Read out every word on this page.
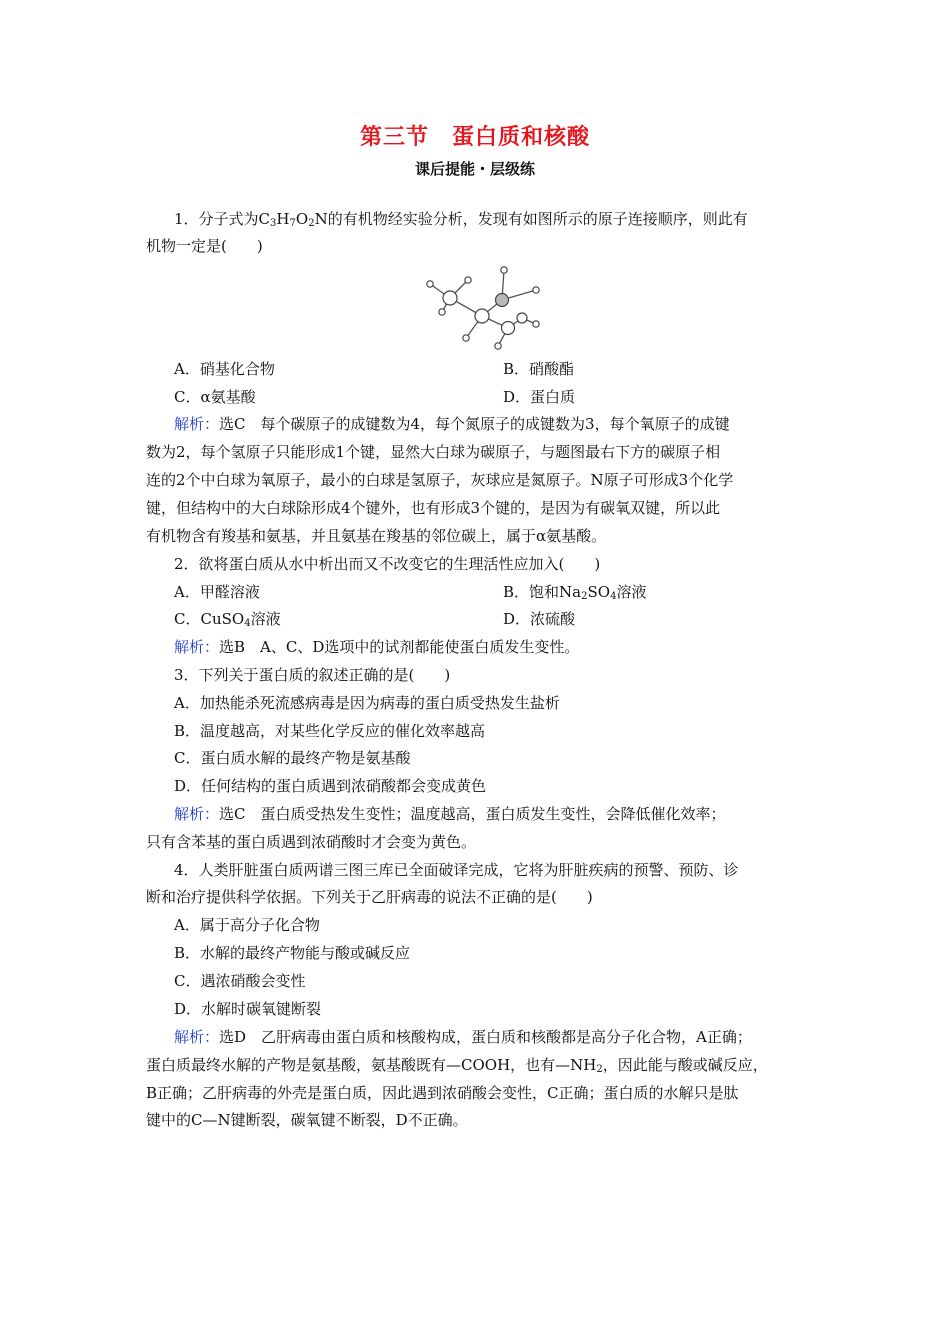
第三节　蛋白质和核酸
课后提能・层级练
1．分子式为$C_3H_7O_2N$的有机物经实验分析，发现有如图所示的原子连接顺序，则此有
机物一定是(　　)
A．硝基化合物	B．硝酸酯
C．α氨基酸	D．蛋白质
解析：选C　每个碳原子的成键数为4，每个氮原子的成键数为3，每个氧原子的成键
数为2，每个氢原子只能形成1个键，显然大白球为碳原子，与题图最右下方的碳原子相
连的2个中白球为氧原子，最小的白球是氢原子，灰球应是氮原子。N原子可形成3个化学
键，但结构中的大白球除形成4个键外，也有形成3个键的，是因为有碳氧双键，所以此
有机物含有羧基和氨基，并且氨基在羧基的邻位碳上，属于α氨基酸。
2．欲将蛋白质从水中析出而又不改变它的生理活性应加入(　　)
A．甲醛溶液	B．饱和$Na_2SO_4$溶液
C．CuSO$_4$溶液	D．浓硫酸
解析：选B　A、C、D选项中的试剂都能使蛋白质发生变性。
3．下列关于蛋白质的叙述正确的是(　　)
A．加热能杀死流感病毒是因为病毒的蛋白质受热发生盐析
B．温度越高，对某些化学反应的催化效率越高
C．蛋白质水解的最终产物是氨基酸
D．任何结构的蛋白质遇到浓硝酸都会变成黄色
解析：选C　蛋白质受热发生变性；温度越高，蛋白质发生变性，会降低催化效率；
只有含苯基的蛋白质遇到浓硝酸时才会变为黄色。
4．人类肝脏蛋白质两谱三图三库已全面破译完成，它将为肝脏疾病的预警、预防、诊
断和治疗提供科学依据。下列关于乙肝病毒的说法不正确的是(　　)
A．属于高分子化合物
B．水解的最终产物能与酸或碱反应
C．遇浓硝酸会变性
D．水解时碳氧键断裂
解析：选D　乙肝病毒由蛋白质和核酸构成，蛋白质和核酸都是高分子化合物，A正确；
蛋白质最终水解的产物是氨基酸，氨基酸既有—COOH，也有$—NH_2$，因此能与酸或碱反应，
B正确；乙肝病毒的外壳是蛋白质，因此遇到浓硝酸会变性，C正确；蛋白质的水解只是肽
键中的C—N键断裂，碳氧键不断裂，D不正确。
